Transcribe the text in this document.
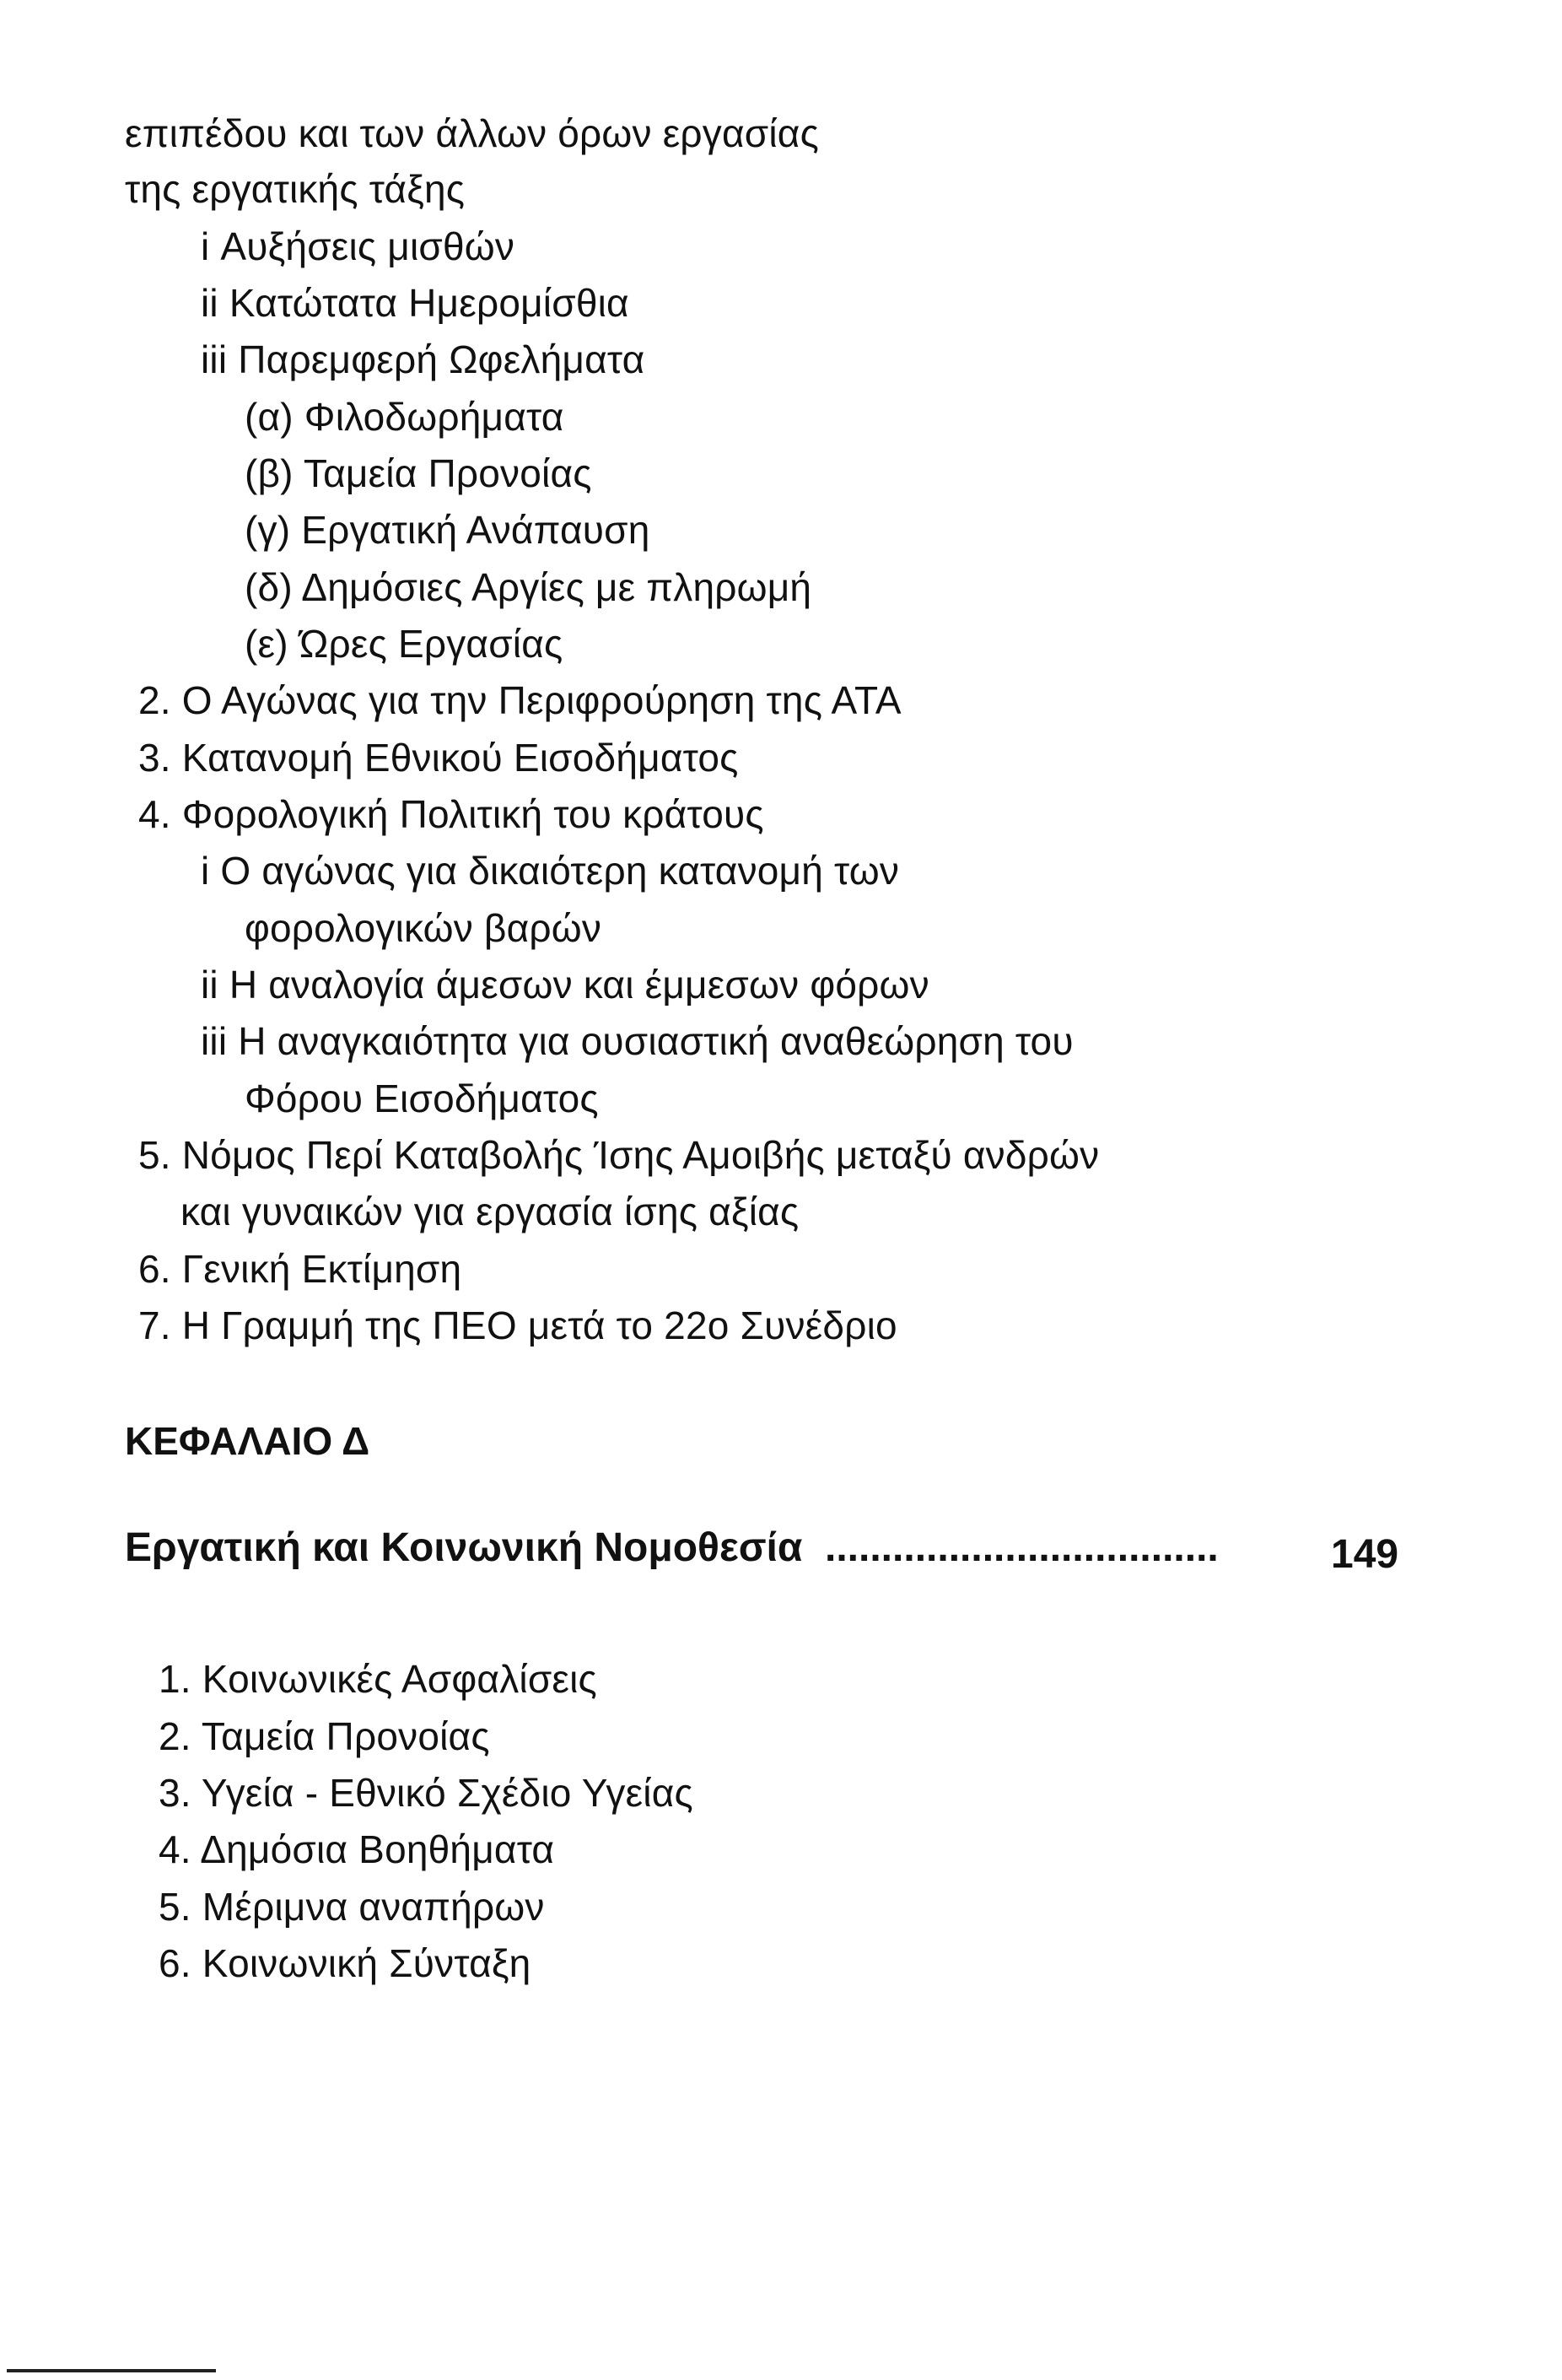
επιπέδου και των άλλων όρων εργασίας
της εργατικής τάξης
i Αυξήσεις μισθών
ii Κατώτατα Ημερομίσθια
iii Παρεμφερή Ωφελήματα
(α) Φιλοδωρήματα
(β) Ταμεία Προνοίας
(γ) Εργατική Ανάπαυση
(δ) Δημόσιες Αργίες με πληρωμή
(ε) Ώρες Εργασίας
2. Ο Αγώνας για την Περιφρούρηση της ΑΤΑ
3. Κατανομή Εθνικού Εισοδήματος
4. Φορολογική Πολιτική του κράτους
i Ο αγώνας για δικαιότερη κατανομή των
φορολογικών βαρών
ii Η αναλογία άμεσων και έμμεσων φόρων
iii Η αναγκαιότητα για ουσιαστική αναθεώρηση του
Φόρου Εισοδήματος
5. Νόμος Περί Καταβολής Ίσης Αμοιβής μεταξύ ανδρών
και γυναικών για εργασία ίσης αξίας
6. Γενική Εκτίμηση
7. Η Γραμμή της ΠΕΟ μετά το 22ο Συνέδριο
ΚΕΦΑΛΑΙΟ Δ
Εργατική και Κοινωνική Νομοθεσία ...................................	149
1. Κοινωνικές Ασφαλίσεις
2. Ταμεία Προνοίας
3. Υγεία - Εθνικό Σχέδιο Υγείας
4. Δημόσια Βοηθήματα
5. Μέριμνα αναπήρων
6. Κοινωνική Σύνταξη
